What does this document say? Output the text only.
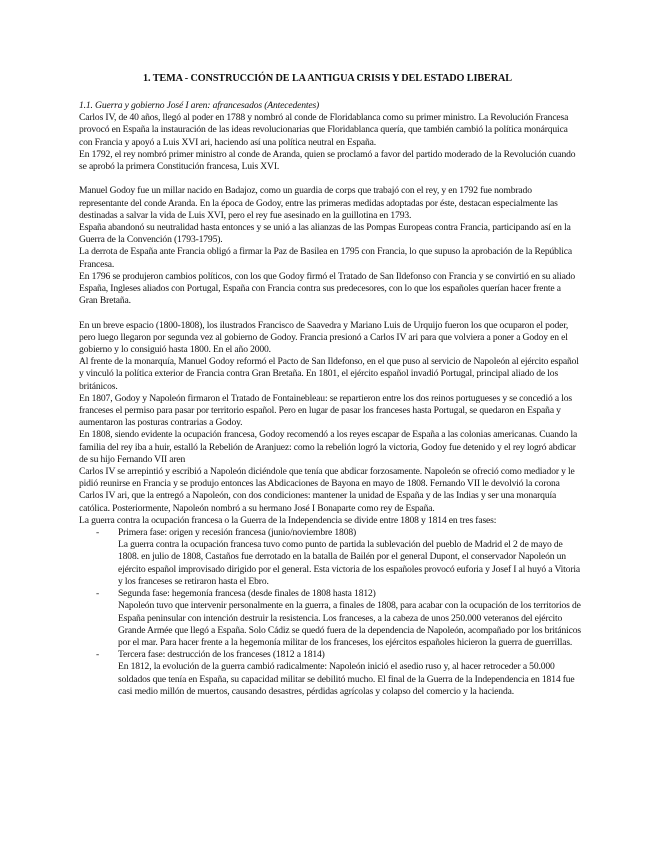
1. TEMA - CONSTRUCCIÓN DE LA ANTIGUA CRISIS Y DEL ESTADO LIBERAL

1.1. Guerra y gobierno José I aren: afrancesados (Antecedentes)

Carlos IV, de 40 años, llegó al poder en 1788 y nombró al conde de Floridablanca como su primer ministro. La Revolución Francesa provocó en España la instauración de las ideas revolucionarias que Floridablanca quería, que también cambió la política monárquica con Francia y apoyó a Luis XVI ari, haciendo así una política neutral en España.

En 1792, el rey nombró primer ministro al conde de Aranda, quien se proclamó a favor del partido moderado de la Revolución cuando se aprobó la primera Constitución francesa, Luis XVI.

Manuel Godoy fue un millar nacido en Badajoz, como un guardia de corps que trabajó con el rey, y en 1792 fue nombrado representante del conde Aranda. En la época de Godoy, entre las primeras medidas adoptadas por éste, destacan especialmente las destinadas a salvar la vida de Luis XVI, pero el rey fue asesinado en la guillotina en 1793.

España abandonó su neutralidad hasta entonces y se unió a las alianzas de las Pompas Europeas contra Francia, participando así en la Guerra de la Convención (1793-1795).

La derrota de España ante Francia obligó a firmar la Paz de Basilea en 1795 con Francia, lo que supuso la aprobación de la República Francesa.

En 1796 se produjeron cambios políticos, con los que Godoy firmó el Tratado de San Ildefonso con Francia y se convirtió en su aliado España, Ingleses aliados con Portugal, España con Francia contra sus predecesores, con lo que los españoles querían hacer frente a Gran Bretaña.

En un breve espacio (1800-1808), los ilustrados Francisco de Saavedra y Mariano Luis de Urquijo fueron los que ocuparon el poder, pero luego llegaron por segunda vez al gobierno de Godoy. Francia presionó a Carlos IV ari para que volviera a poner a Godoy en el gobierno y lo consiguió hasta 1800. En el año 2000.

Al frente de la monarquía, Manuel Godoy reformó el Pacto de San Ildefonso, en el que puso al servicio de Napoleón al ejército español y vinculó la política exterior de Francia contra Gran Bretaña. En 1801, el ejército español invadió Portugal, principal aliado de los británicos.

En 1807, Godoy y Napoleón firmaron el Tratado de Fontainebleau: se repartieron entre los dos reinos portugueses y se concedió a los franceses el permiso para pasar por territorio español. Pero en lugar de pasar los franceses hasta Portugal, se quedaron en España y aumentaron las posturas contrarias a Godoy.

En 1808, siendo evidente la ocupación francesa, Godoy recomendó a los reyes escapar de España a las colonias americanas. Cuando la familia del rey iba a huir, estalló la Rebelión de Aranjuez: como la rebelión logró la victoria, Godoy fue detenido y el rey logró abdicar de su hijo Fernando VII aren

Carlos IV se arrepintió y escribió a Napoleón diciéndole que tenía que abdicar forzosamente. Napoleón se ofreció como mediador y le pidió reunirse en Francia y se produjo entonces las Abdicaciones de Bayona en mayo de 1808. Fernando VII le devolvió la corona Carlos IV ari, que la entregó a Napoleón, con dos condiciones: mantener la unidad de España y de las Indias y ser una monarquía católica. Posteriormente, Napoleón nombró a su hermano José I Bonaparte como rey de España.

La guerra contra la ocupación francesa o la Guerra de la Independencia se divide entre 1808 y 1814 en tres fases:

- Primera fase: origen y recesión francesa (junio/noviembre 1808)
La guerra contra la ocupación francesa tuvo como punto de partida la sublevación del pueblo de Madrid el 2 de mayo de 1808. en julio de 1808, Castaños fue derrotado en la batalla de Bailén por el general Dupont, el conservador Napoleón un ejército español improvisado dirigido por el general. Esta victoria de los españoles provocó euforia y Josef I al huyó a Vitoria y los franceses se retiraron hasta el Ebro.
- Segunda fase: hegemonía francesa (desde finales de 1808 hasta 1812)
Napoleón tuvo que intervenir personalmente en la guerra, a finales de 1808, para acabar con la ocupación de los territorios de España peninsular con intención destruir la resistencia. Los franceses, a la cabeza de unos 250.000 veteranos del ejército Grande Armée que llegó a España. Solo Cádiz se quedó fuera de la dependencia de Napoleón, acompañado por los británicos por el mar. Para hacer frente a la hegemonía militar de los franceses, los ejércitos españoles hicieron la guerra de guerrillas.
- Tercera fase: destrucción de los franceses (1812 a 1814)
En 1812, la evolución de la guerra cambió radicalmente: Napoleón inició el asedio ruso y, al hacer retroceder a 50.000 soldados que tenía en España, su capacidad militar se debilitó mucho. El final de la Guerra de la Independencia en 1814 fue casi medio millón de muertos, causando desastres, pérdidas agrícolas y colapso del comercio y la hacienda.
